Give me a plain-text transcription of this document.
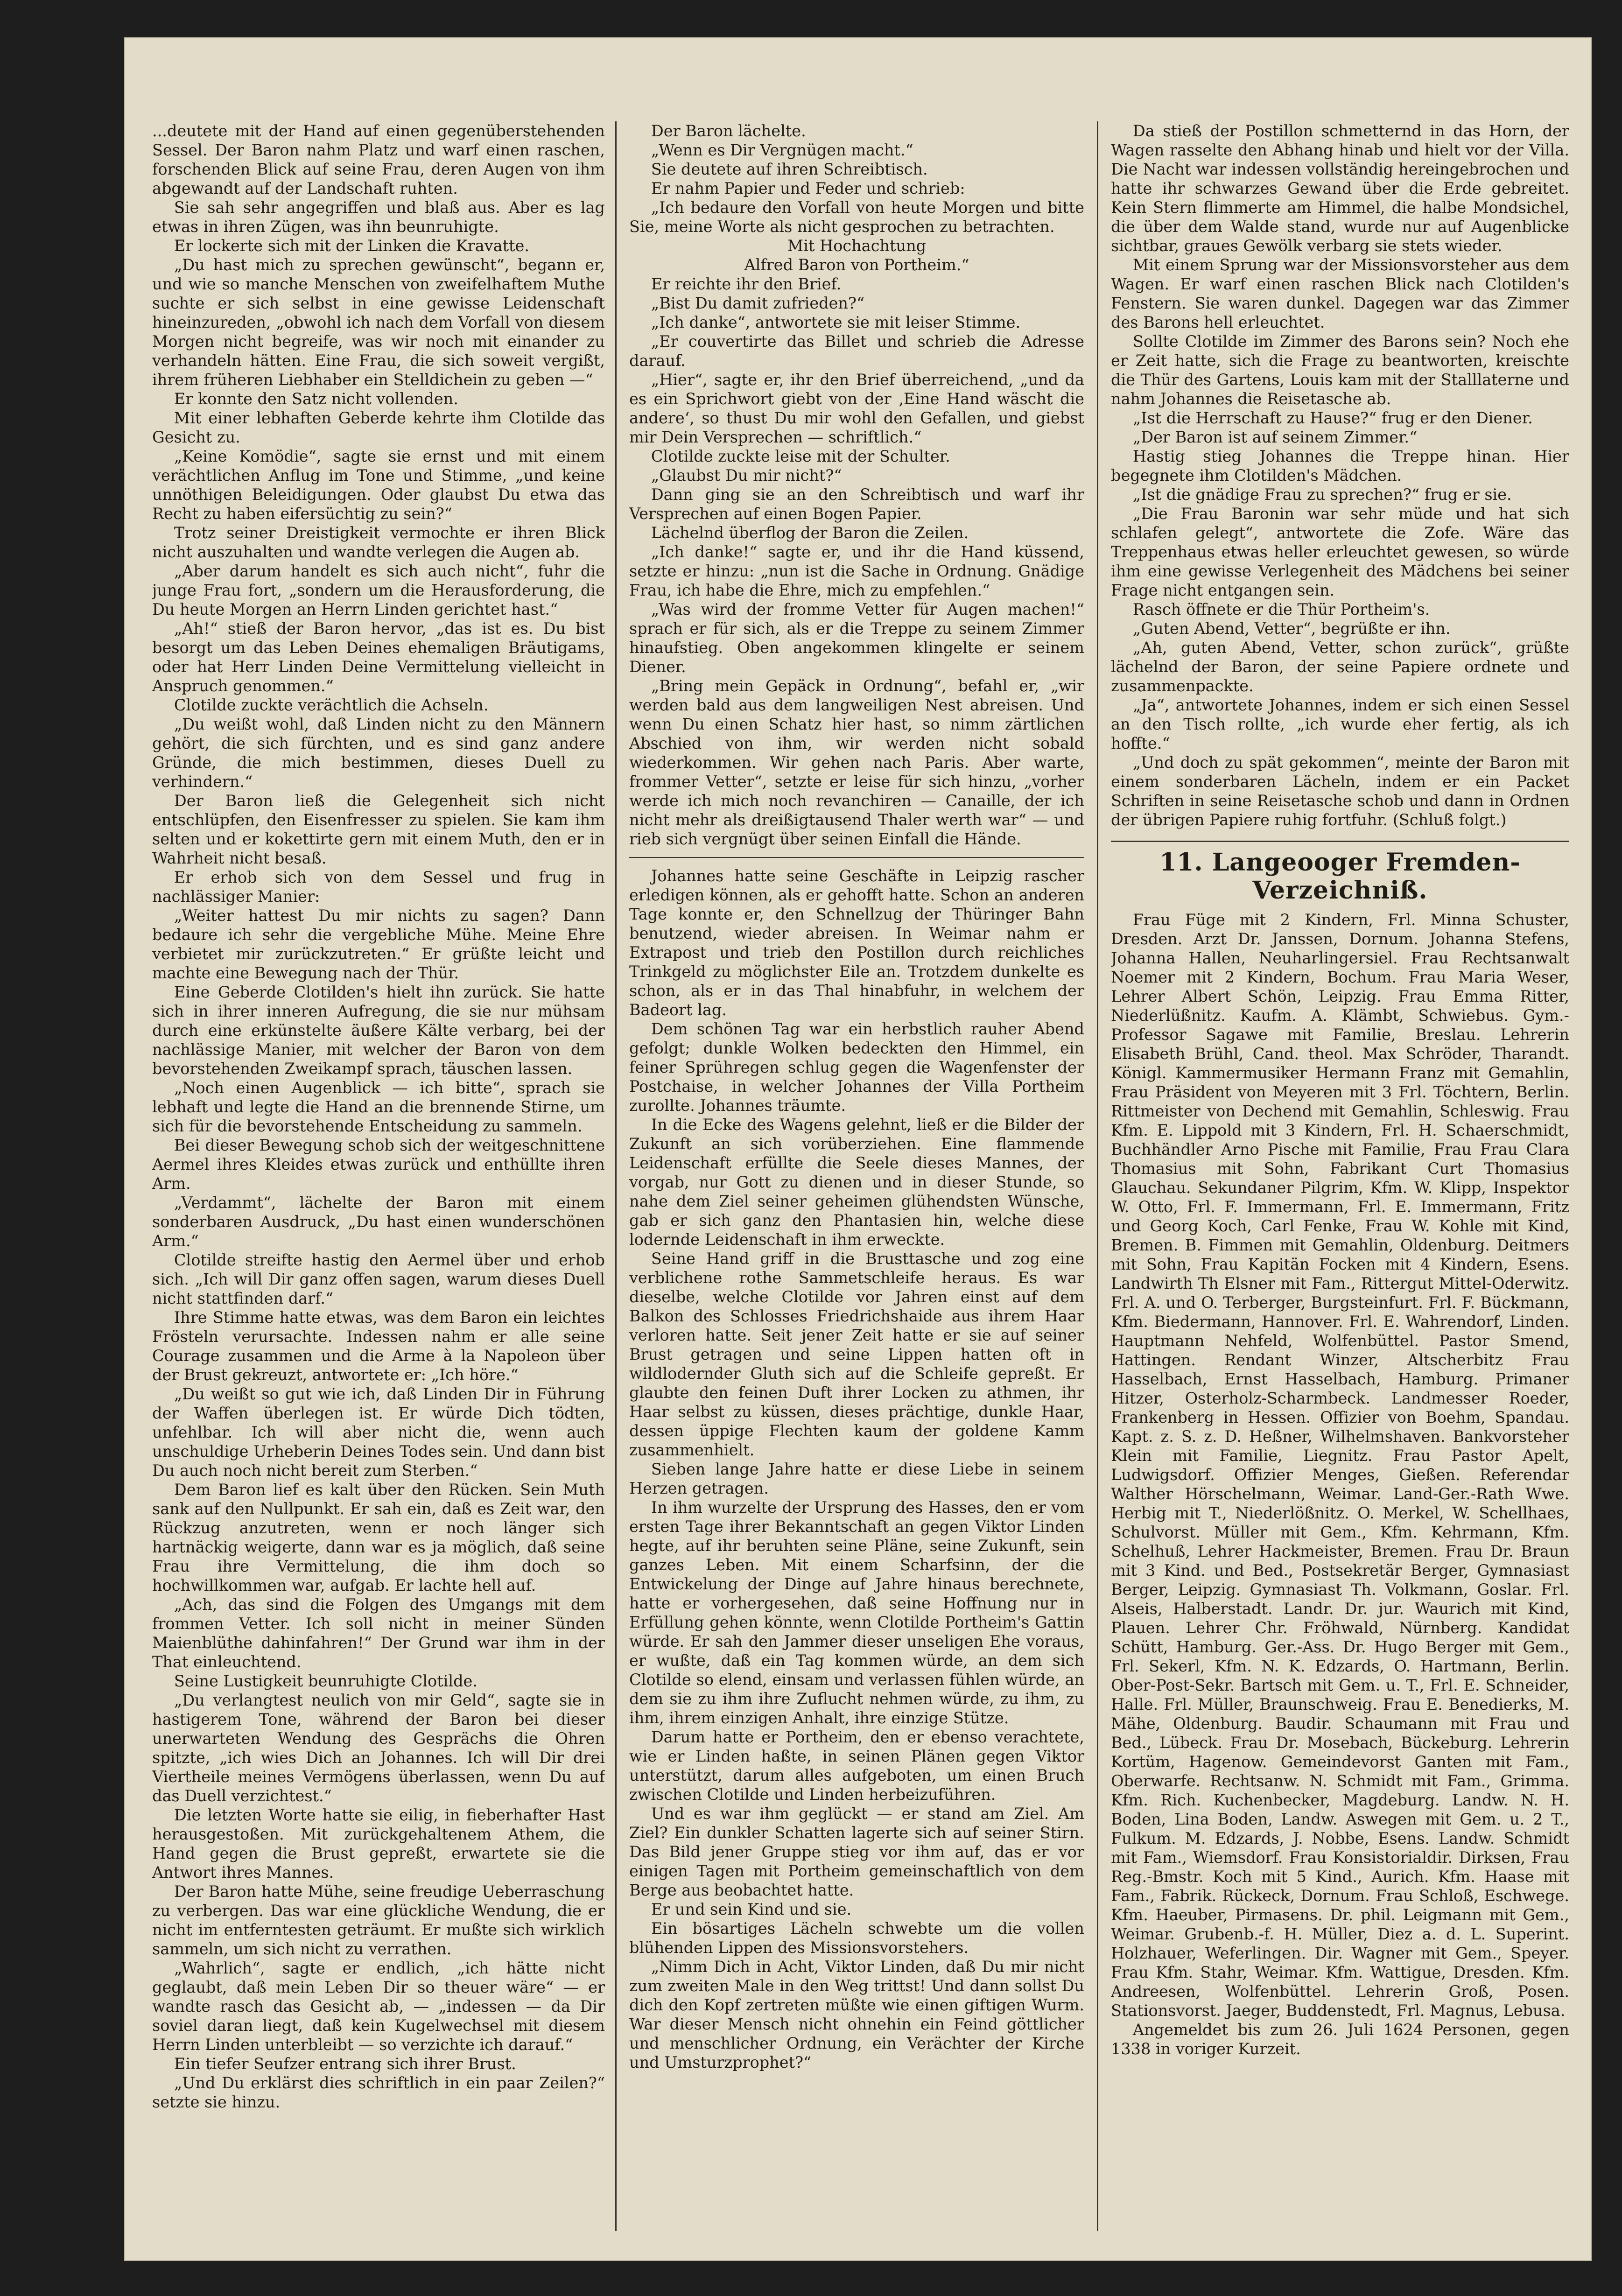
...deutete mit der Hand auf einen gegenüberstehenden Sessel. Der Baron nahm Platz und warf einen raschen, forschenden Blick auf seine Frau, deren Augen von ihm abgewandt auf der Landschaft ruhten.

Sie sah sehr angegriffen und blaß aus. Aber es lag etwas in ihren Zügen, was ihn beunruhigte.

Er lockerte sich mit der Linken die Kravatte.

„Du hast mich zu sprechen gewünscht“, begann er, und wie so manche Menschen von zweifelhaftem Muthe suchte er sich selbst in eine gewisse Leidenschaft hineinzureden, „obwohl ich nach dem Vorfall von diesem Morgen nicht begreife, was wir noch mit einander zu verhandeln hätten. Eine Frau, die sich soweit vergißt, ihrem früheren Liebhaber ein Stelldichein zu geben —“

Er konnte den Satz nicht vollenden.

Mit einer lebhaften Geberde kehrte ihm Clotilde das Gesicht zu.

„Keine Komödie“, sagte sie ernst und mit einem verächtlichen Anflug im Tone und Stimme, „und keine unnöthigen Beleidigungen. Oder glaubst Du etwa das Recht zu haben eifersüchtig zu sein?“

Trotz seiner Dreistigkeit vermochte er ihren Blick nicht auszuhalten und wandte verlegen die Augen ab.

„Aber darum handelt es sich auch nicht“, fuhr die junge Frau fort, „sondern um die Herausforderung, die Du heute Morgen an Herrn Linden gerichtet hast.“

„Ah!“ stieß der Baron hervor, „das ist es. Du bist besorgt um das Leben Deines ehemaligen Bräutigams, oder hat Herr Linden Deine Vermittelung vielleicht in Anspruch genommen.“

Clotilde zuckte verächtlich die Achseln.

„Du weißt wohl, daß Linden nicht zu den Männern gehört, die sich fürchten, und es sind ganz andere Gründe, die mich bestimmen, dieses Duell zu verhindern.“

Der Baron ließ die Gelegenheit sich nicht entschlüpfen, den Eisenfresser zu spielen. Sie kam ihm selten und er kokettirte gern mit einem Muth, den er in Wahrheit nicht besaß.

Er erhob sich von dem Sessel und frug in nachlässiger Manier:

„Weiter hattest Du mir nichts zu sagen? Dann bedaure ich sehr die vergebliche Mühe. Meine Ehre verbietet mir zurückzutreten.“ Er grüßte leicht und machte eine Bewegung nach der Thür.

Eine Geberde Clotilden's hielt ihn zurück. Sie hatte sich in ihrer inneren Aufregung, die sie nur mühsam durch eine erkünstelte äußere Kälte verbarg, bei der nachlässige Manier, mit welcher der Baron von dem bevorstehenden Zweikampf sprach, täuschen lassen.

„Noch einen Augenblick — ich bitte“, sprach sie lebhaft und legte die Hand an die brennende Stirne, um sich für die bevorstehende Entscheidung zu sammeln.

Bei dieser Bewegung schob sich der weitgeschnittene Aermel ihres Kleides etwas zurück und enthüllte ihren Arm.

„Verdammt“, lächelte der Baron mit einem sonderbaren Ausdruck, „Du hast einen wunderschönen Arm.“

Clotilde streifte hastig den Aermel über und erhob sich. „Ich will Dir ganz offen sagen, warum dieses Duell nicht stattfinden darf.“

Ihre Stimme hatte etwas, was dem Baron ein leichtes Frösteln verursachte. Indessen nahm er alle seine Courage zusammen und die Arme à la Napoleon über der Brust gekreuzt, antwortete er: „Ich höre.“

„Du weißt so gut wie ich, daß Linden Dir in Führung der Waffen überlegen ist. Er würde Dich tödten, unfehlbar. Ich will aber nicht die, wenn auch unschuldige Urheberin Deines Todes sein. Und dann bist Du auch noch nicht bereit zum Sterben.“

Dem Baron lief es kalt über den Rücken. Sein Muth sank auf den Nullpunkt. Er sah ein, daß es Zeit war, den Rückzug anzutreten, wenn er noch länger sich hartnäckig weigerte, dann war es ja möglich, daß seine Frau ihre Vermittelung, die ihm doch so hochwillkommen war, aufgab. Er lachte hell auf.

„Ach, das sind die Folgen des Umgangs mit dem frommen Vetter. Ich soll nicht in meiner Sünden Maienblüthe dahinfahren!“ Der Grund war ihm in der That einleuchtend.

Seine Lustigkeit beunruhigte Clotilde.

„Du verlangtest neulich von mir Geld“, sagte sie in hastigerem Tone, während der Baron bei dieser unerwarteten Wendung des Gesprächs die Ohren spitzte, „ich wies Dich an Johannes. Ich will Dir drei Viertheile meines Vermögens überlassen, wenn Du auf das Duell verzichtest.“

Die letzten Worte hatte sie eilig, in fieberhafter Hast herausgestoßen. Mit zurückgehaltenem Athem, die Hand gegen die Brust gepreßt, erwartete sie die Antwort ihres Mannes.

Der Baron hatte Mühe, seine freudige Ueberraschung zu verbergen. Das war eine glückliche Wendung, die er nicht im entferntesten geträumt. Er mußte sich wirklich sammeln, um sich nicht zu verrathen.

„Wahrlich“, sagte er endlich, „ich hätte nicht geglaubt, daß mein Leben Dir so theuer wäre“ — er wandte rasch das Gesicht ab, — „indessen — da Dir soviel daran liegt, daß kein Kugelwechsel mit diesem Herrn Linden unterbleibt — so verzichte ich darauf.“

Ein tiefer Seufzer entrang sich ihrer Brust.

„Und Du erklärst dies schriftlich in ein paar Zeilen?“ setzte sie hinzu.

Der Baron lächelte.

„Wenn es Dir Vergnügen macht.“

Sie deutete auf ihren Schreibtisch.

Er nahm Papier und Feder und schrieb:

„Ich bedaure den Vorfall von heute Morgen und bitte Sie, meine Worte als nicht gesprochen zu betrachten.

Mit Hochachtung

Alfred Baron von Portheim.“

Er reichte ihr den Brief.

„Bist Du damit zufrieden?“

„Ich danke“, antwortete sie mit leiser Stimme.

„Er couvertirte das Billet und schrieb die Adresse darauf.

„Hier“, sagte er, ihr den Brief überreichend, „und da es ein Sprichwort giebt von der ‚Eine Hand wäscht die andere‘, so thust Du mir wohl den Gefallen, und giebst mir Dein Versprechen — schriftlich.“

Clotilde zuckte leise mit der Schulter.

„Glaubst Du mir nicht?“

Dann ging sie an den Schreibtisch und warf ihr Versprechen auf einen Bogen Papier.

Lächelnd überflog der Baron die Zeilen.

„Ich danke!“ sagte er, und ihr die Hand küssend, setzte er hinzu: „nun ist die Sache in Ordnung. Gnädige Frau, ich habe die Ehre, mich zu empfehlen.“

„Was wird der fromme Vetter für Augen machen!“ sprach er für sich, als er die Treppe zu seinem Zimmer hinaufstieg. Oben angekommen klingelte er seinem Diener.

„Bring mein Gepäck in Ordnung“, befahl er, „wir werden bald aus dem langweiligen Nest abreisen. Und wenn Du einen Schatz hier hast, so nimm zärtlichen Abschied von ihm, wir werden nicht sobald wiederkommen. Wir gehen nach Paris. Aber warte, frommer Vetter“, setzte er leise für sich hinzu, „vorher werde ich mich noch revanchiren — Canaille, der ich nicht mehr als dreißigtausend Thaler werth war“ — und rieb sich vergnügt über seinen Einfall die Hände.

Johannes hatte seine Geschäfte in Leipzig rascher erledigen können, als er gehofft hatte. Schon an anderen Tage konnte er, den Schnellzug der Thüringer Bahn benutzend, wieder abreisen. In Weimar nahm er Extrapost und trieb den Postillon durch reichliches Trinkgeld zu möglichster Eile an. Trotzdem dunkelte es schon, als er in das Thal hinabfuhr, in welchem der Badeort lag.

Dem schönen Tag war ein herbstlich rauher Abend gefolgt; dunkle Wolken bedeckten den Himmel, ein feiner Sprühregen schlug gegen die Wagenfenster der Postchaise, in welcher Johannes der Villa Portheim zurollte. Johannes träumte.

In die Ecke des Wagens gelehnt, ließ er die Bilder der Zukunft an sich vorüberziehen. Eine flammende Leidenschaft erfüllte die Seele dieses Mannes, der vorgab, nur Gott zu dienen und in dieser Stunde, so nahe dem Ziel seiner geheimen glühendsten Wünsche, gab er sich ganz den Phantasien hin, welche diese lodernde Leidenschaft in ihm erweckte.

Seine Hand griff in die Brusttasche und zog eine verblichene rothe Sammetschleife heraus. Es war dieselbe, welche Clotilde vor Jahren einst auf dem Balkon des Schlosses Friedrichshaide aus ihrem Haar verloren hatte. Seit jener Zeit hatte er sie auf seiner Brust getragen und seine Lippen hatten oft in wildlodernder Gluth sich auf die Schleife gepreßt. Er glaubte den feinen Duft ihrer Locken zu athmen, ihr Haar selbst zu küssen, dieses prächtige, dunkle Haar, dessen üppige Flechten kaum der goldene Kamm zusammenhielt.

Sieben lange Jahre hatte er diese Liebe in seinem Herzen getragen.

In ihm wurzelte der Ursprung des Hasses, den er vom ersten Tage ihrer Bekanntschaft an gegen Viktor Linden hegte, auf ihr beruhten seine Pläne, seine Zukunft, sein ganzes Leben. Mit einem Scharfsinn, der die Entwickelung der Dinge auf Jahre hinaus berechnete, hatte er vorhergesehen, daß seine Hoffnung nur in Erfüllung gehen könnte, wenn Clotilde Portheim's Gattin würde. Er sah den Jammer dieser unseligen Ehe voraus, er wußte, daß ein Tag kommen würde, an dem sich Clotilde so elend, einsam und verlassen fühlen würde, an dem sie zu ihm ihre Zuflucht nehmen würde, zu ihm, zu ihm, ihrem einzigen Anhalt, ihre einzige Stütze.

Darum hatte er Portheim, den er ebenso verachtete, wie er Linden haßte, in seinen Plänen gegen Viktor unterstützt, darum alles aufgeboten, um einen Bruch zwischen Clotilde und Linden herbeizuführen.

Und es war ihm geglückt — er stand am Ziel. Am Ziel? Ein dunkler Schatten lagerte sich auf seiner Stirn. Das Bild jener Gruppe stieg vor ihm auf, das er vor einigen Tagen mit Portheim gemeinschaftlich von dem Berge aus beobachtet hatte.

Er und sein Kind und sie.

Ein bösartiges Lächeln schwebte um die vollen blühenden Lippen des Missionsvorstehers.

„Nimm Dich in Acht, Viktor Linden, daß Du mir nicht zum zweiten Male in den Weg trittst! Und dann sollst Du dich den Kopf zertreten müßte wie einen giftigen Wurm. War dieser Mensch nicht ohnehin ein Feind göttlicher und menschlicher Ordnung, ein Verächter der Kirche und Umsturzprophet?“

Da stieß der Postillon schmetternd in das Horn, der Wagen rasselte den Abhang hinab und hielt vor der Villa. Die Nacht war indessen vollständig hereingebrochen und hatte ihr schwarzes Gewand über die Erde gebreitet. Kein Stern flimmerte am Himmel, die halbe Mondsichel, die über dem Walde stand, wurde nur auf Augenblicke sichtbar, graues Gewölk verbarg sie stets wieder.

Mit einem Sprung war der Missionsvorsteher aus dem Wagen. Er warf einen raschen Blick nach Clotilden's Fenstern. Sie waren dunkel. Dagegen war das Zimmer des Barons hell erleuchtet.

Sollte Clotilde im Zimmer des Barons sein? Noch ehe er Zeit hatte, sich die Frage zu beantworten, kreischte die Thür des Gartens, Louis kam mit der Stalllaterne und nahm Johannes die Reisetasche ab.

„Ist die Herrschaft zu Hause?“ frug er den Diener.

„Der Baron ist auf seinem Zimmer.“

Hastig stieg Johannes die Treppe hinan. Hier begegnete ihm Clotilden's Mädchen.

„Ist die gnädige Frau zu sprechen?“ frug er sie.

„Die Frau Baronin war sehr müde und hat sich schlafen gelegt“, antwortete die Zofe. Wäre das Treppenhaus etwas heller erleuchtet gewesen, so würde ihm eine gewisse Verlegenheit des Mädchens bei seiner Frage nicht entgangen sein.

Rasch öffnete er die Thür Portheim's.

„Guten Abend, Vetter“, begrüßte er ihn.

„Ah, guten Abend, Vetter, schon zurück“, grüßte lächelnd der Baron, der seine Papiere ordnete und zusammenpackte.

„Ja“, antwortete Johannes, indem er sich einen Sessel an den Tisch rollte, „ich wurde eher fertig, als ich hoffte.“

„Und doch zu spät gekommen“, meinte der Baron mit einem sonderbaren Lächeln, indem er ein Packet Schriften in seine Reisetasche schob und dann in Ordnen der übrigen Papiere ruhig fortfuhr. (Schluß folgt.)

11. Langeooger Fremden-Verzeichniß.

Frau Füge mit 2 Kindern, Frl. Minna Schuster, Dresden. Arzt Dr. Janssen, Dornum. Johanna Stefens, Johanna Hallen, Neuharlingersiel. Frau Rechtsanwalt Noemer mit 2 Kindern, Bochum. Frau Maria Weser, Lehrer Albert Schön, Leipzig. Frau Emma Ritter, Niederlüßnitz. Kaufm. A. Klämbt, Schwiebus. Gym.-Professor Sagawe mit Familie, Breslau. Lehrerin Elisabeth Brühl, Cand. theol. Max Schröder, Tharandt. Königl. Kammermusiker Hermann Franz mit Gemahlin, Frau Präsident von Meyeren mit 3 Frl. Töchtern, Berlin. Rittmeister von Dechend mit Gemahlin, Schleswig. Frau Kfm. E. Lippold mit 3 Kindern, Frl. H. Schaerschmidt, Buchhändler Arno Pische mit Familie, Frau Frau Clara Thomasius mit Sohn, Fabrikant Curt Thomasius Glauchau. Sekundaner Pilgrim, Kfm. W. Klipp, Inspektor W. Otto, Frl. F. Immermann, Frl. E. Immermann, Fritz und Georg Koch, Carl Fenke, Frau W. Kohle mit Kind, Bremen. B. Fimmen mit Gemahlin, Oldenburg. Deitmers mit Sohn, Frau Kapitän Focken mit 4 Kindern, Esens. Landwirth Th Elsner mit Fam., Rittergut Mittel-Oderwitz. Frl. A. und O. Terberger, Burgsteinfurt. Frl. F. Bückmann, Kfm. Biedermann, Hannover. Frl. E. Wahrendorf, Linden. Hauptmann Nehfeld, Wolfenbüttel. Pastor Smend, Hattingen. Rendant Winzer, Altscherbitz Frau Hasselbach, Ernst Hasselbach, Hamburg. Primaner Hitzer, Osterholz-Scharmbeck. Landmesser Roeder, Frankenberg in Hessen. Offizier von Boehm, Spandau. Kapt. z. S. z. D. Heßner, Wilhelmshaven. Bankvorsteher Klein mit Familie, Liegnitz. Frau Pastor Apelt, Ludwigsdorf. Offizier Menges, Gießen. Referendar Walther Hörschelmann, Weimar. Land-Ger.-Rath Wwe. Herbig mit T., Niederlößnitz. O. Merkel, W. Schellhaes, Schulvorst. Müller mit Gem., Kfm. Kehrmann, Kfm. Schelhuß, Lehrer Hackmeister, Bremen. Frau Dr. Braun mit 3 Kind. und Bed., Postsekretär Berger, Gymnasiast Berger, Leipzig. Gymnasiast Th. Volkmann, Goslar. Frl. Alseis, Halberstadt. Landr. Dr. jur. Waurich mit Kind, Plauen. Lehrer Chr. Fröhwald, Nürnberg. Kandidat Schütt, Hamburg. Ger.-Ass. Dr. Hugo Berger mit Gem., Frl. Sekerl, Kfm. N. K. Edzards, O. Hartmann, Berlin. Ober-Post-Sekr. Bartsch mit Gem. u. T., Frl. E. Schneider, Halle. Frl. Müller, Braunschweig. Frau E. Benedierks, M. Mähe, Oldenburg. Baudir. Schaumann mit Frau und Bed., Lübeck. Frau Dr. Mosebach, Bückeburg. Lehrerin Kortüm, Hagenow. Gemeindevorst Ganten mit Fam., Oberwarfe. Rechtsanw. N. Schmidt mit Fam., Grimma. Kfm. Rich. Kuchenbecker, Magdeburg. Landw. N. H. Boden, Lina Boden, Landw. Aswegen mit Gem. u. 2 T., Fulkum. M. Edzards, J. Nobbe, Esens. Landw. Schmidt mit Fam., Wiemsdorf. Frau Konsistorialdir. Dirksen, Frau Reg.-Bmstr. Koch mit 5 Kind., Aurich. Kfm. Haase mit Fam., Fabrik. Rückeck, Dornum. Frau Schloß, Eschwege. Kfm. Haeuber, Pirmasens. Dr. phil. Leigmann mit Gem., Weimar. Grubenb.-f. H. Müller, Diez a. d. L. Superint. Holzhauer, Weferlingen. Dir. Wagner mit Gem., Speyer. Frau Kfm. Stahr, Weimar. Kfm. Wattigue, Dresden. Kfm. Andreesen, Wolfenbüttel. Lehrerin Groß, Posen. Stationsvorst. Jaeger, Buddenstedt, Frl. Magnus, Lebusa.

Angemeldet bis zum 26. Juli 1624 Personen, gegen 1338 in voriger Kurzeit.
